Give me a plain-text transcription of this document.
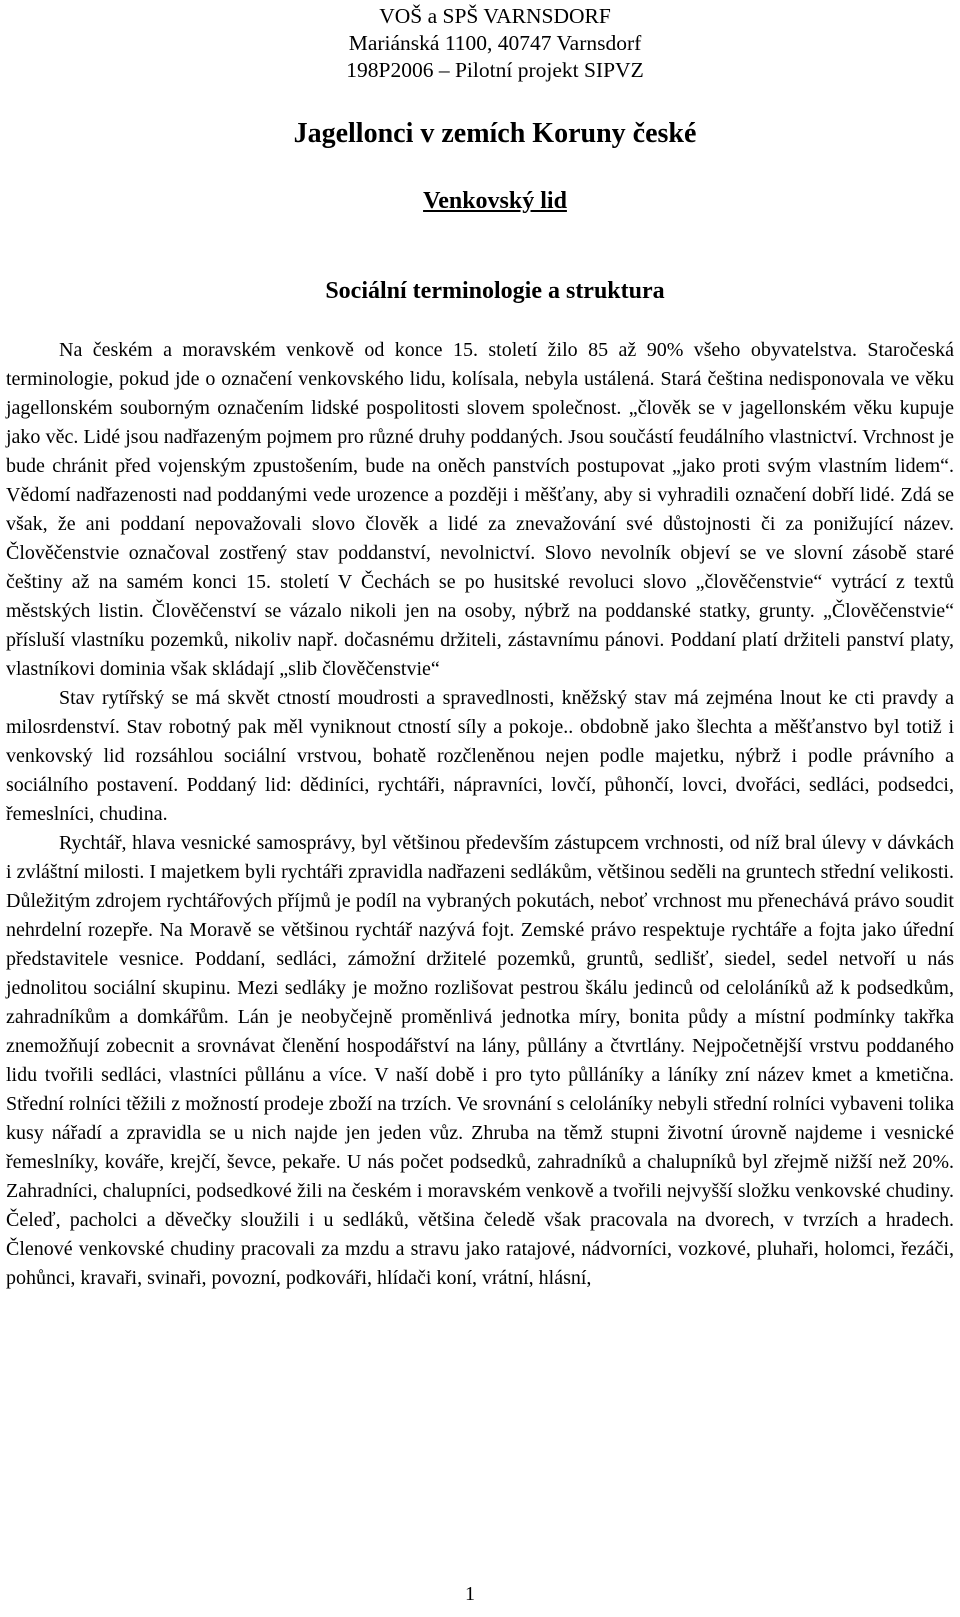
VOŠ a SPŠ VARNSDORF
Mariánská 1100, 40747 Varnsdorf
198P2006 – Pilotní projekt SIPVZ
Jagellonci v zemích Koruny české
Venkovský lid
Sociální terminologie a struktura

Na českém a moravském venkově od konce 15. století žilo 85 až 90% všeho obyvatelstva. Staročeská terminologie, pokud jde o označení venkovského lidu, kolísala, nebyla ustálená. Stará čeština nedisponovala ve věku jagellonském souborným označením lidské pospolitosti slovem společnost. „člověk se v jagellonském věku kupuje jako věc. Lidé jsou nadřazeným pojmem pro různé druhy poddaných. Jsou součástí feudálního vlastnictví. Vrchnost je bude chránit před vojenským zpustošením, bude na oněch panstvích postupovat „jako proti svým vlastním lidem“. Vědomí nadřazenosti nad poddanými vede urozence a později i měšťany, aby si vyhradili označení dobří lidé. Zdá se však, že ani poddaní nepovažovali slovo člověk a lidé za znevažování své důstojnosti či za ponižující název. Člověčenstvie označoval zostřený stav poddanství, nevolnictví. Slovo nevolník objeví se ve slovní zásobě staré češtiny až na samém konci 15. století V Čechách se po husitské revoluci slovo „člověčenstvie“ vytrácí z textů městských listin. Člověčenství se vázalo nikoli jen na osoby, nýbrž na poddanské statky, grunty. „Člověčenstvie“ přísluší vlastníku pozemků, nikoliv např. dočasnému držiteli, zástavnímu pánovi. Poddaní platí držiteli panství platy, vlastníkovi dominia však skládají „slib člověčenstvie“

Stav rytířský se má skvět ctností moudrosti a spravedlnosti, kněžský stav má zejména lnout ke cti pravdy a milosrdenství. Stav robotný pak měl vyniknout ctností síly a pokoje.. obdobně jako šlechta a měšťanstvo byl totiž i venkovský lid rozsáhlou sociální vrstvou, bohatě rozčleněnou nejen podle majetku, nýbrž i podle právního a sociálního postavení. Poddaný lid: dědiníci, rychtáři, nápravníci, lovčí, půhončí, lovci, dvořáci, sedláci, podsedci, řemeslníci, chudina.

Rychtář, hlava vesnické samosprávy, byl většinou především zástupcem vrchnosti, od níž bral úlevy v dávkách i zvláštní milosti. I majetkem byli rychtáři zpravidla nadřazeni sedlákům, většinou seděli na gruntech střední velikosti. Důležitým zdrojem rychtářových příjmů je podíl na vybraných pokutách, neboť vrchnost mu přenechává právo soudit nehrdelní rozepře. Na Moravě se většinou rychtář nazývá fojt. Zemské právo respektuje rychtáře a fojta jako úřední představitele vesnice. Poddaní, sedláci, zámožní držitelé pozemků, gruntů, sedlišť, siedel, sedel netvoří u nás jednolitou sociální skupinu. Mezi sedláky je možno rozlišovat pestrou škálu jedinců od celoláníků až k podsedkům, zahradníkům a domkářům. Lán je neobyčejně proměnlivá jednotka míry, bonita půdy a místní podmínky takřka znemožňují zobecnit a srovnávat členění hospodářství na lány, půllány a čtvrtlány. Nejpočetnější vrstvu poddaného lidu tvořili sedláci, vlastníci půllánu a více. V naší době i pro tyto půlláníky a láníky zní název kmet a kmetična. Střední rolníci těžili z možností prodeje zboží na trzích. Ve srovnání s celoláníky nebyli střední rolníci vybaveni tolika kusy nářadí a zpravidla se u nich najde jen jeden vůz. Zhruba na těmž stupni životní úrovně najdeme i vesnické řemeslníky, kováře, krejčí, ševce, pekaře. U nás počet podsedků, zahradníků a chalupníků byl zřejmě nižší než 20%. Zahradníci, chalupníci, podsedkové žili na českém i moravském venkově a tvořili nejvyšší složku venkovské chudiny. Čeleď, pacholci a děvečky sloužili i u sedláků, většina čeledě však pracovala na dvorech, v tvrzích a hradech. Členové venkovské chudiny pracovali za mzdu a stravu jako ratajové, nádvorníci, vozkové, pluhaři, holomci, řezáči, pohůnci, kravaři, svinaři, povozní, podkováři, hlídači koní, vrátní, hlásní,

1
